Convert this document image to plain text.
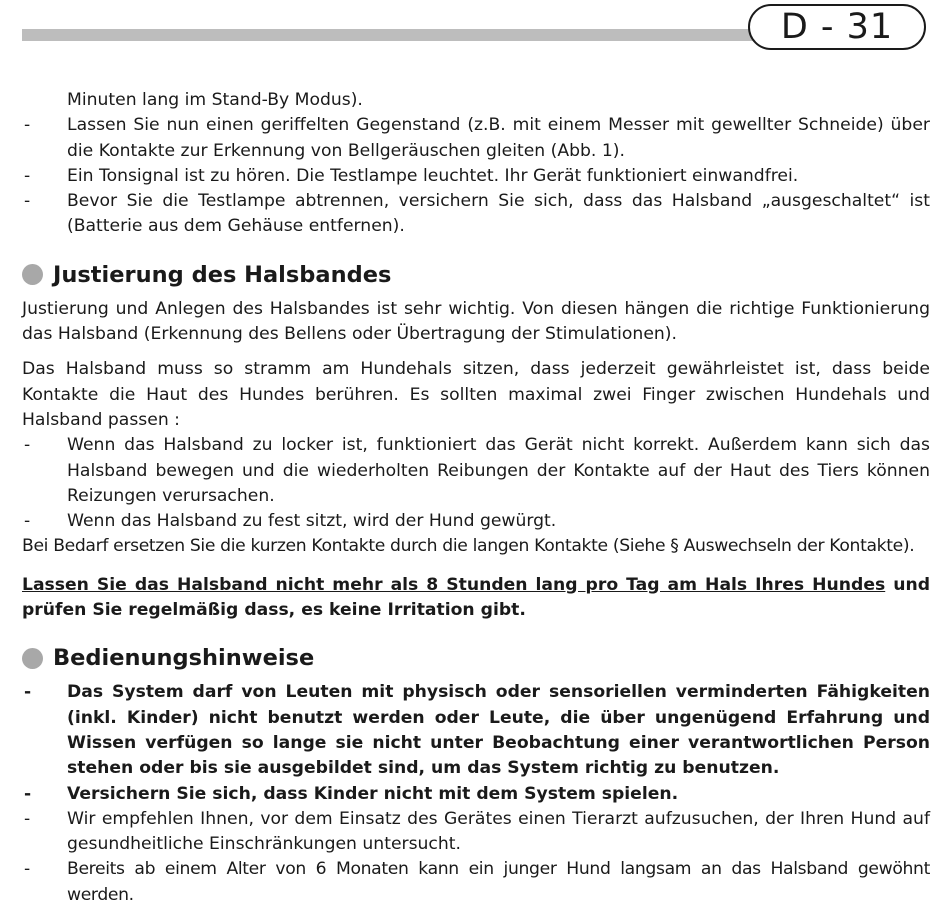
D - 31
Minuten lang im Stand-By Modus).
- Lassen Sie nun einen geriffelten Gegenstand (z.B. mit einem Messer mit gewellter Schneide) über die Kontakte zur Erkennung von Bellgeräuschen gleiten (Abb. 1).
- Ein Tonsignal ist zu hören. Die Testlampe leuchtet. Ihr Gerät funktioniert einwandfrei.
- Bevor Sie die Testlampe abtrennen, versichern Sie sich, dass das Halsband „ausgeschaltet“ ist (Batterie aus dem Gehäuse entfernen).
Justierung des Halsbandes
Justierung und Anlegen des Halsbandes ist sehr wichtig. Von diesen hängen die richtige Funktionierung das Halsband (Erkennung des Bellens oder Übertragung der Stimulationen).
Das Halsband muss so stramm am Hundehals sitzen, dass jederzeit gewährleistet ist, dass beide Kontakte die Haut des Hundes berühren. Es sollten maximal zwei Finger zwischen Hundehals und Halsband passen :
- Wenn das Halsband zu locker ist, funktioniert das Gerät nicht korrekt. Außerdem kann sich das Halsband bewegen und die wiederholten Reibungen der Kontakte auf der Haut des Tiers können Reizungen verursachen.
- Wenn das Halsband zu fest sitzt, wird der Hund gewürgt.
Bei Bedarf ersetzen Sie die kurzen Kontakte durch die langen Kontakte (Siehe § Auswechseln der Kontakte).
Lassen Sie das Halsband nicht mehr als 8 Stunden lang pro Tag am Hals Ihres Hundes und prüfen Sie regelmäßig dass, es keine Irritation gibt.
Bedienungshinweise
- Das System darf von Leuten mit physisch oder sensoriellen verminderten Fähigkeiten (inkl. Kinder) nicht benutzt werden oder Leute, die über ungenügend Erfahrung und Wissen verfügen so lange sie nicht unter Beobachtung einer verantwortlichen Person stehen oder bis sie ausgebildet sind, um das System richtig zu benutzen.
- Versichern Sie sich, dass Kinder nicht mit dem System spielen.
- Wir empfehlen Ihnen, vor dem Einsatz des Gerätes einen Tierarzt aufzusuchen, der Ihren Hund auf gesundheitliche Einschränkungen untersucht.
- Bereits ab einem Alter von 6 Monaten kann ein junger Hund langsam an das Halsband gewöhnt werden.
